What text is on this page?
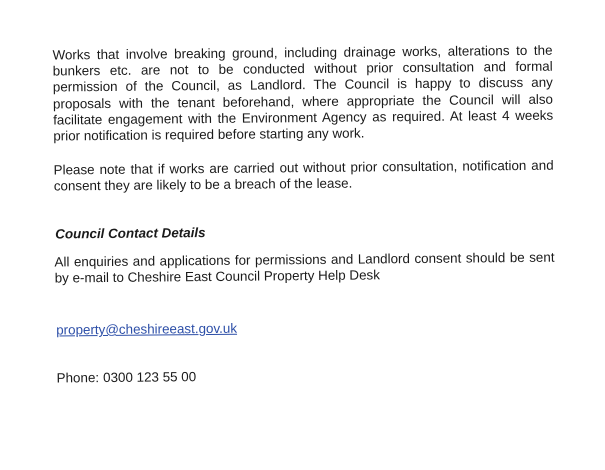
Works that involve breaking ground, including drainage works, alterations to the bunkers etc. are not to be conducted without prior consultation and formal permission of the Council, as Landlord. The Council is happy to discuss any proposals with the tenant beforehand, where appropriate the Council will also facilitate engagement with the Environment Agency as required. At least 4 weeks prior notification is required before starting any work.

Please note that if works are carried out without prior consultation, notification and consent they are likely to be a breach of the lease.

Council Contact Details

All enquiries and applications for permissions and Landlord consent should be sent by e-mail to Cheshire East Council Property Help Desk

property@cheshireeast.gov.uk

Phone: 0300 123 55 00
